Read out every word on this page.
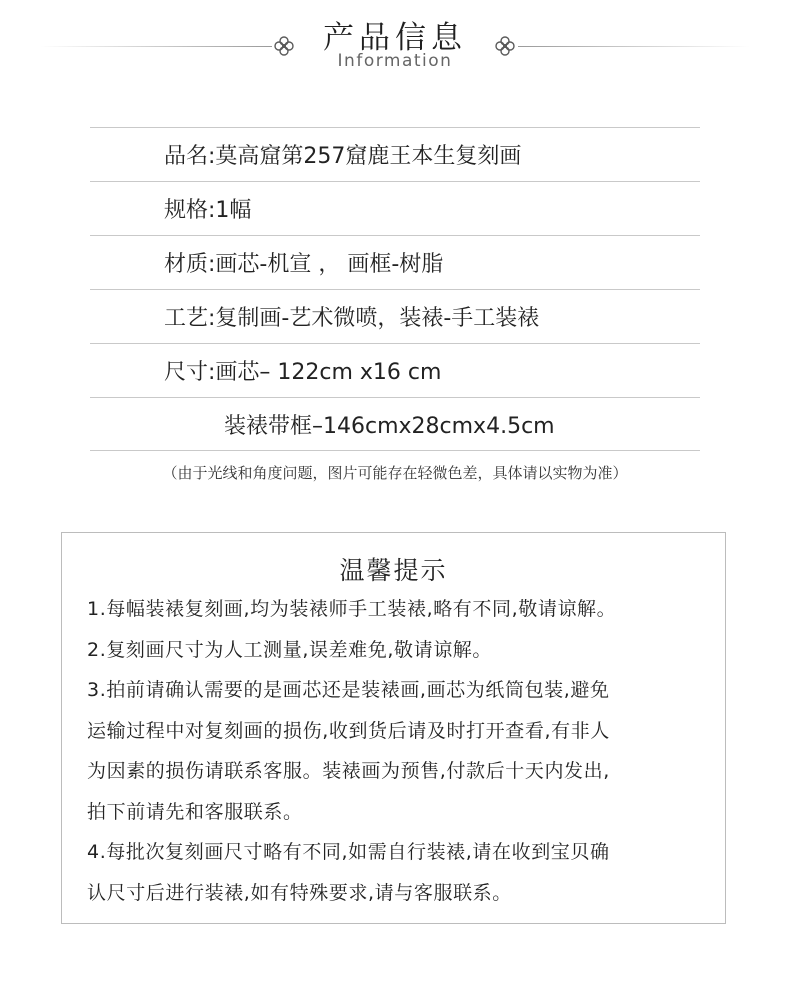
产品信息
Information
品名:莫高窟第257窟鹿王本生复刻画
规格:1幅
材质:画芯-机宣 ， 画框-树脂
工艺:复制画-艺术微喷，装裱-手工装裱
尺寸:画芯– 122cm x16 cm
装裱带框–146cmx28cmx4.5cm
（由于光线和角度问题，图片可能存在轻微色差，具体请以实物为准）
温馨提示
1.每幅装裱复刻画,均为装裱师手工装裱,略有不同,敬请谅解。
2.复刻画尺寸为人工测量,误差难免,敬请谅解。
3.拍前请确认需要的是画芯还是装裱画,画芯为纸筒包装,避免
运输过程中对复刻画的损伤,收到货后请及时打开查看,有非人
为因素的损伤请联系客服。装裱画为预售,付款后十天内发出,
拍下前请先和客服联系。
4.每批次复刻画尺寸略有不同,如需自行装裱,请在收到宝贝确
认尺寸后进行装裱,如有特殊要求,请与客服联系。
